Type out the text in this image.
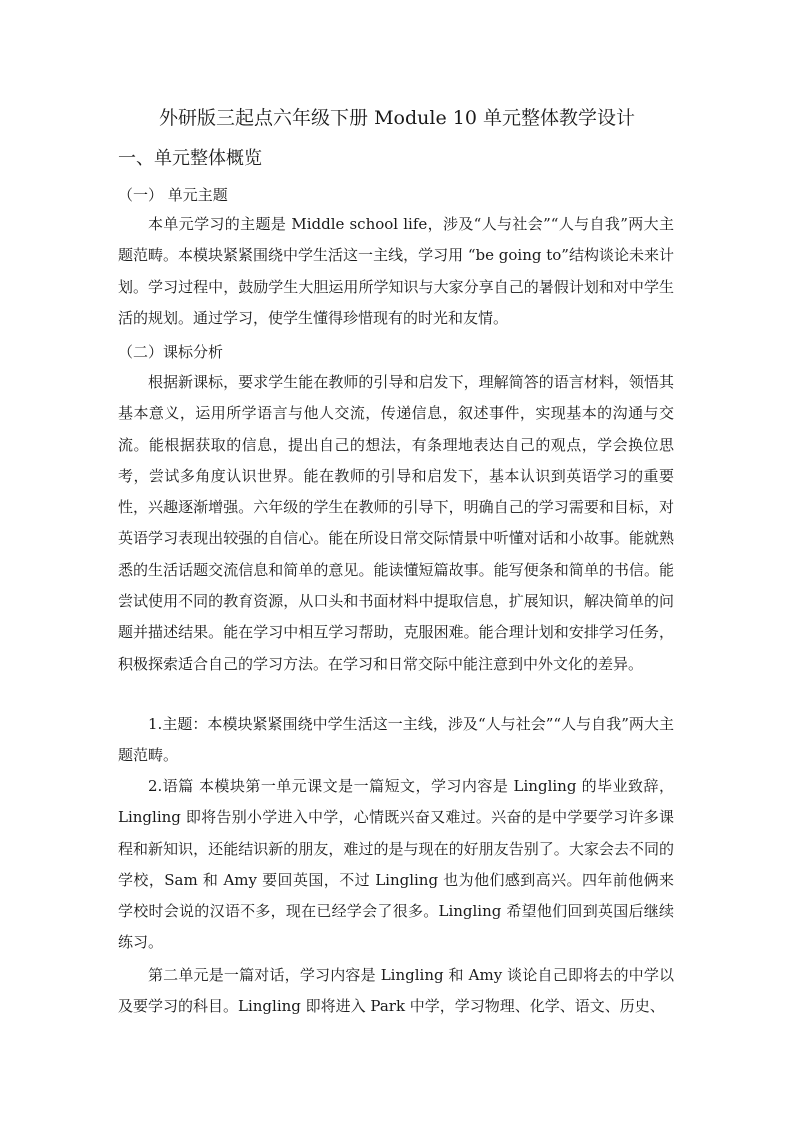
外研版三起点六年级下册 Module 10 单元整体教学设计
一、单元整体概览
（一） 单元主题

本单元学习的主题是 Middle school life，涉及“人与社会”“人与自我”两大主题范畴。本模块紧紧围绕中学生活这一主线，学习用 “be going to”结构谈论未来计划。学习过程中，鼓励学生大胆运用所学知识与大家分享自己的暑假计划和对中学生活的规划。通过学习，使学生懂得珍惜现有的时光和友情。

（二）课标分析

根据新课标，要求学生能在教师的引导和启发下，理解简答的语言材料，领悟其基本意义，运用所学语言与他人交流，传递信息，叙述事件，实现基本的沟通与交流。能根据获取的信息，提出自己的想法，有条理地表达自己的观点，学会换位思考，尝试多角度认识世界。能在教师的引导和启发下，基本认识到英语学习的重要性，兴趣逐渐增强。六年级的学生在教师的引导下，明确自己的学习需要和目标，对英语学习表现出较强的自信心。能在所设日常交际情景中听懂对话和小故事。能就熟悉的生活话题交流信息和简单的意见。能读懂短篇故事。能写便条和简单的书信。能尝试使用不同的教育资源，从口头和书面材料中提取信息，扩展知识，解决简单的问题并描述结果。能在学习中相互学习帮助，克服困难。能合理计划和安排学习任务，积极探索适合自己的学习方法。在学习和日常交际中能注意到中外文化的差异。

1.主题：本模块紧紧围绕中学生活这一主线，涉及“人与社会”“人与自我”两大主题范畴。

2.语篇 本模块第一单元课文是一篇短文，学习内容是 Lingling 的毕业致辞，Lingling 即将告别小学进入中学，心情既兴奋又难过。兴奋的是中学要学习许多课程和新知识，还能结识新的朋友，难过的是与现在的好朋友告别了。大家会去不同的学校，Sam 和 Amy 要回英国，不过 Lingling 也为他们感到高兴。四年前他俩来学校时会说的汉语不多，现在已经学会了很多。Lingling 希望他们回到英国后继续练习。

第二单元是一篇对话，学习内容是 Lingling 和 Amy 谈论自己即将去的中学以及要学习的科目。Lingling 即将进入 Park 中学，学习物理、化学、语文、历史、
